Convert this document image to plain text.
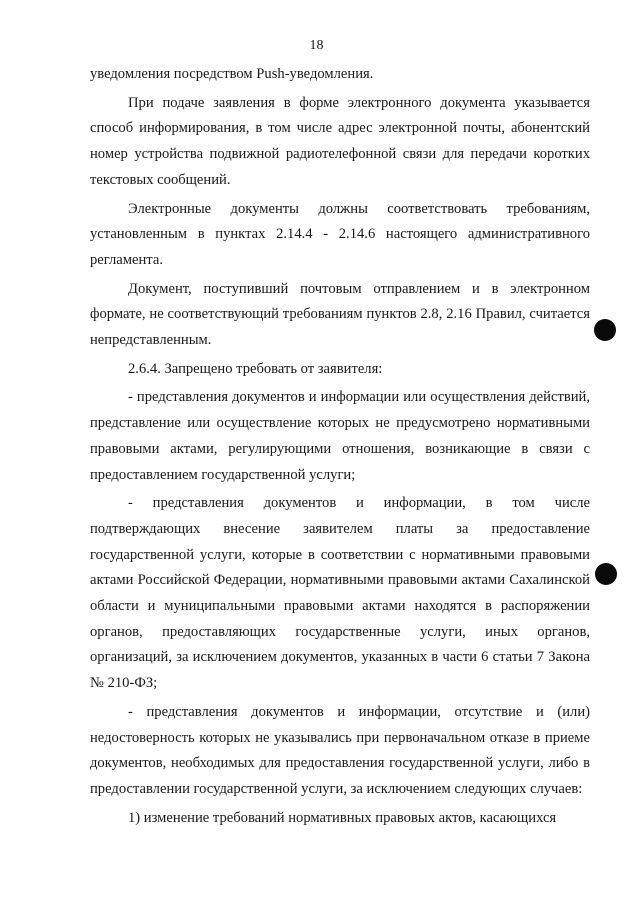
18

уведомления посредством Push-уведомления.

При подаче заявления в форме электронного документа указывается способ информирования, в том числе адрес электронной почты, абонентский номер устройства подвижной радиотелефонной связи для передачи коротких текстовых сообщений.

Электронные документы должны соответствовать требованиям, установленным в пунктах 2.14.4 - 2.14.6 настоящего административного регламента.

Документ, поступивший почтовым отправлением и в электронном формате, не соответствующий требованиям пунктов 2.8, 2.16 Правил, считается непредставленным.

2.6.4. Запрещено требовать от заявителя:

- представления документов и информации или осуществления действий, представление или осуществление которых не предусмотрено нормативными правовыми актами, регулирующими отношения, возникающие в связи с предоставлением государственной услуги;

- представления документов и информации, в том числе подтверждающих внесение заявителем платы за предоставление государственной услуги, которые в соответствии с нормативными правовыми актами Российской Федерации, нормативными правовыми актами Сахалинской области и муниципальными правовыми актами находятся в распоряжении органов, предоставляющих государственные услуги, иных органов, организаций, за исключением документов, указанных в части 6 статьи 7 Закона № 210-ФЗ;

- представления документов и информации, отсутствие и (или) недостоверность которых не указывались при первоначальном отказе в приеме документов, необходимых для предоставления государственной услуги, либо в предоставлении государственной услуги, за исключением следующих случаев:

1) изменение требований нормативных правовых актов, касающихся
